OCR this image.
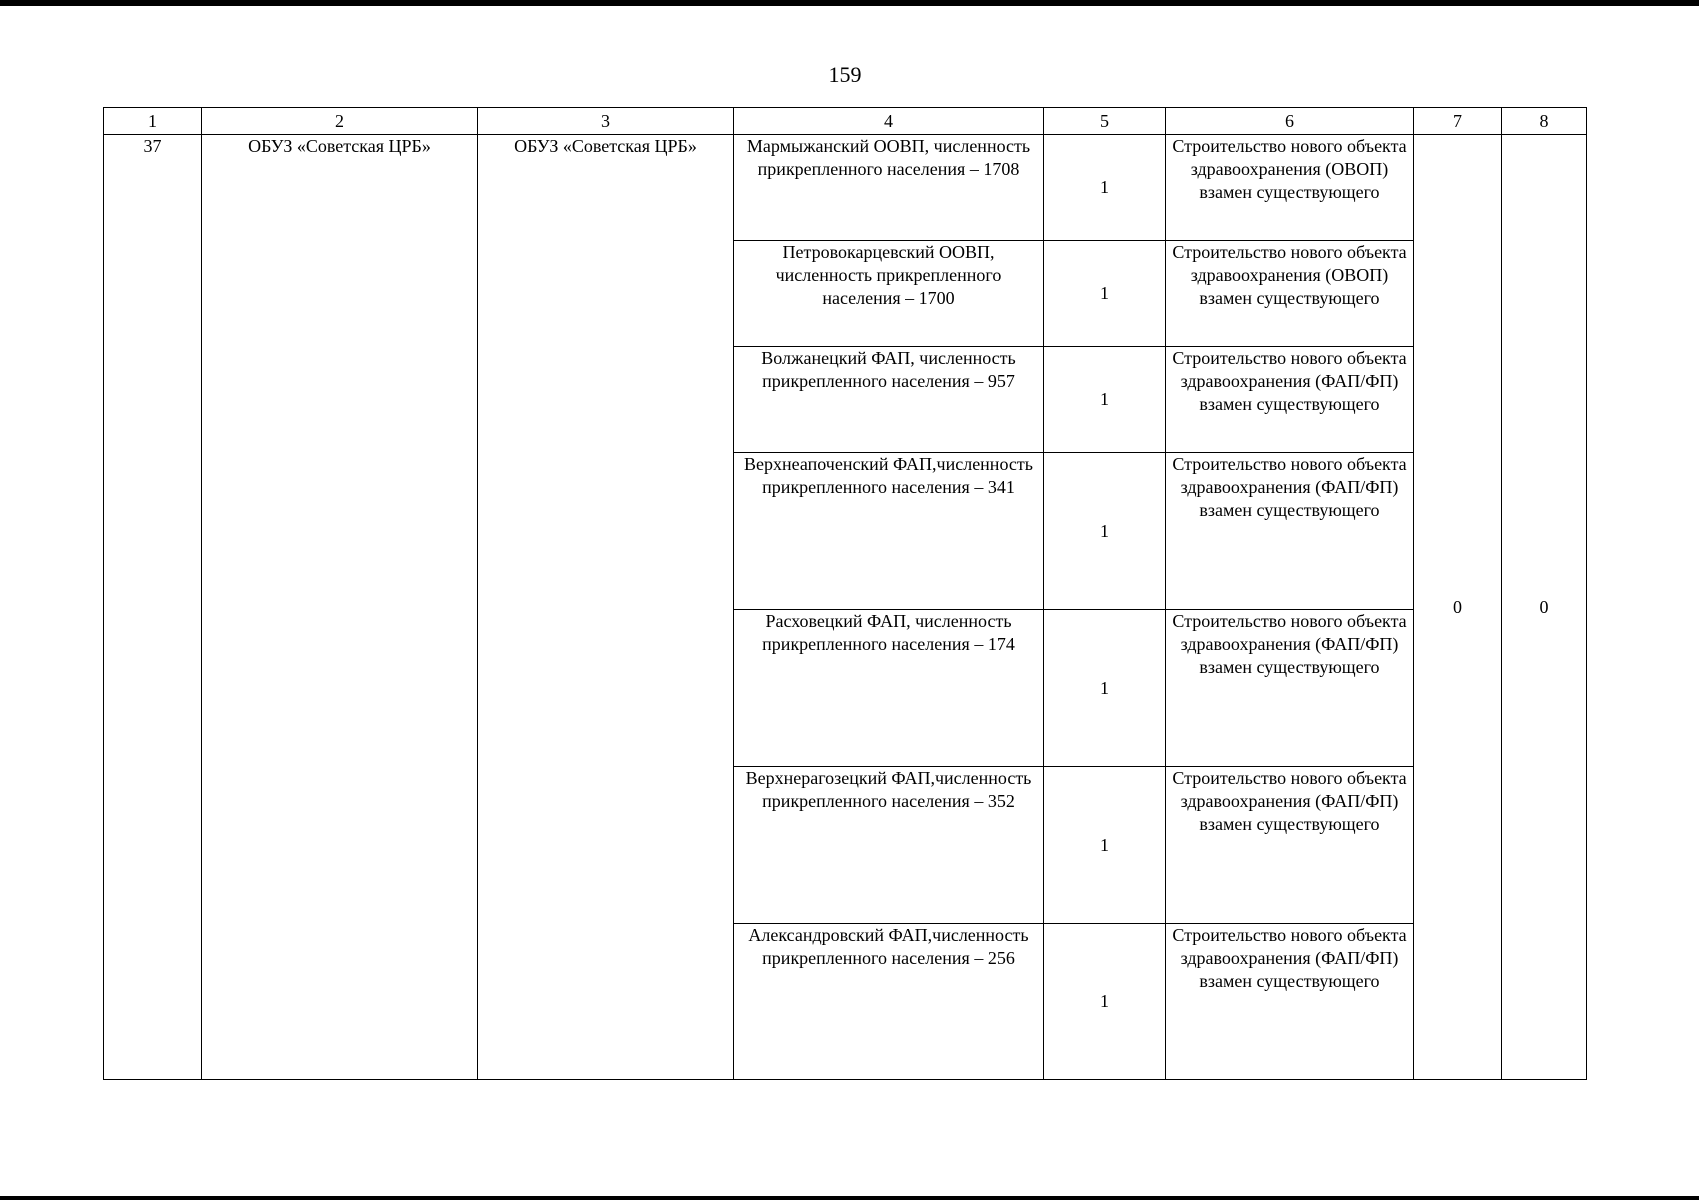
159
1	2	3	4	5	6	7	8
37	ОБУЗ «Советская ЦРБ»	ОБУЗ «Советская ЦРБ»	Мармыжанский ООВП, численность прикрепленного населения – 1708	1	Строительство нового объекта здравоохранения (ОВОП) взамен существующего	0	0
			Петровокарцевский ООВП, численность прикрепленного населения – 1700	1	Строительство нового объекта здравоохранения (ОВОП) взамен существующего		
			Волжанецкий ФАП, численность прикрепленного населения – 957	1	Строительство нового объекта здравоохранения (ФАП/ФП) взамен существующего		
			Верхнеапоченский ФАП,численность прикрепленного населения – 341	1	Строительство нового объекта здравоохранения (ФАП/ФП) взамен существующего		
			Расховецкий ФАП, численность прикрепленного населения – 174	1	Строительство нового объекта здравоохранения (ФАП/ФП) взамен существующего		
			Верхнерагозецкий ФАП,численность прикрепленного населения – 352	1	Строительство нового объекта здравоохранения (ФАП/ФП) взамен существующего		
			Александровский ФАП,численность прикрепленного населения – 256	1	Строительство нового объекта здравоохранения (ФАП/ФП) взамен существующего		
